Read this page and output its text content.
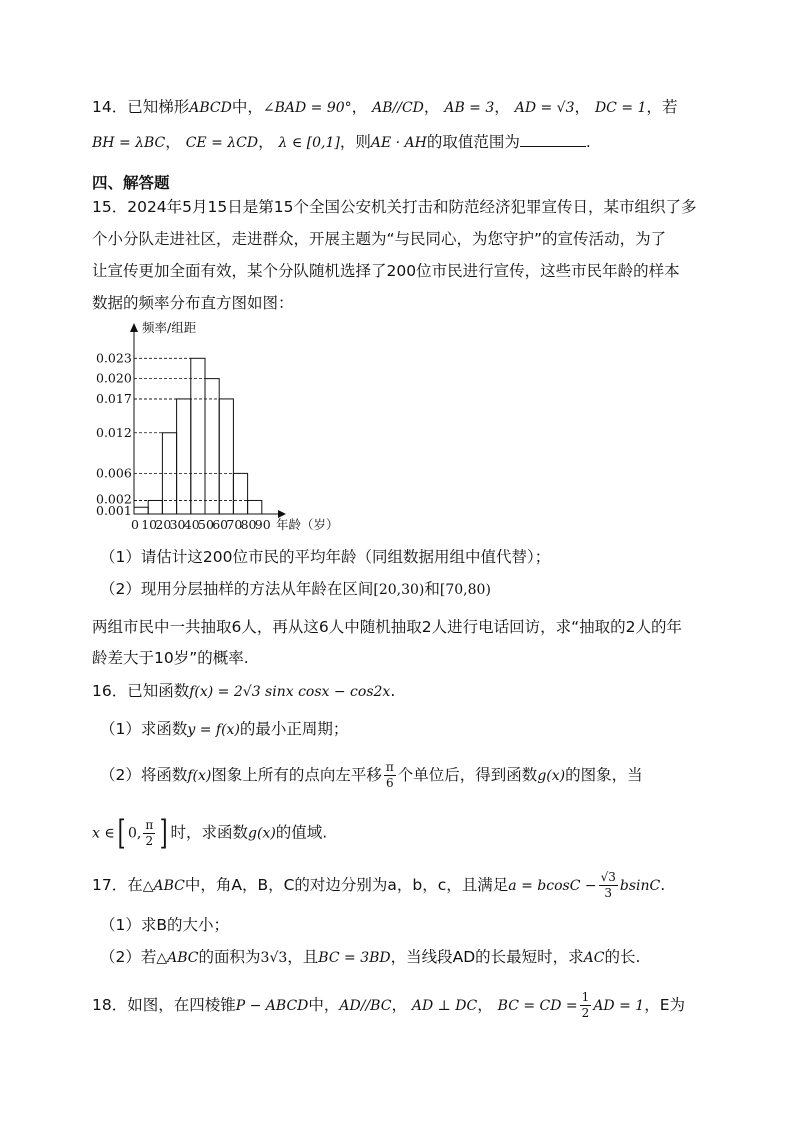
14．已知梯形ABCD中，∠BAD = 90°， AB//CD， AB = 3， AD = √3， DC = 1，若
BH = λBC， CE = λCD， λ ∈ [0,1]，则AE · AH的取值范围为	.
四、解答题
15．2024年5月15日是第15个全国公安机关打击和防范经济犯罪宣传日，某市组织了多
个小分队走进社区，走进群众，开展主题为“与民同心，为您守护”的宣传活动，为了
让宣传更加全面有效，某个分队随机选择了200位市民进行宣传，这些市民年龄的样本
数据的频率分布直方图如图：
0.001
0.002
0.006
0.012
0.017
0.020
0.023
0 10
20
30
40
50
60
70
80
90
频率/组距
年龄（岁）
（1）请估计这200位市民的平均年龄（同组数据用组中值代替）；
（2）现用分层抽样的方法从年龄在区间[20,30)和[70,80)
两组市民中一共抽取6人，再从这6人中随机抽取2人进行电话回访，求“抽取的2人的年
龄差大于10岁”的概率.
16．已知函数f(x) = 2√3 sinx cosx − cos2x.
（1）求函数y = f(x)的最小正周期；
（2）将函数f(x)图象上所有的点向左平移 $\frac{\pi}{6}$ 个单位后，得到函数g(x)的图象，当
x ∈[ 0, $\frac{\pi}{2}$ ] 时，求函数g(x)的值域.
17．在△ABC中，角A，B，C的对边分别为a，b，c，且满足$a = bcosC - \frac{√3}{3} bsinC$.
（1）求B的大小；
（2）若△ABC的面积为3√3，且BC = 3BD，当线段AD的长最短时，求AC的长.
18．如图，在四棱锥P − ABCD中，AD//BC， AD ⊥ DC， BC = CD = $\frac{1}{2}$ AD = 1，E为
